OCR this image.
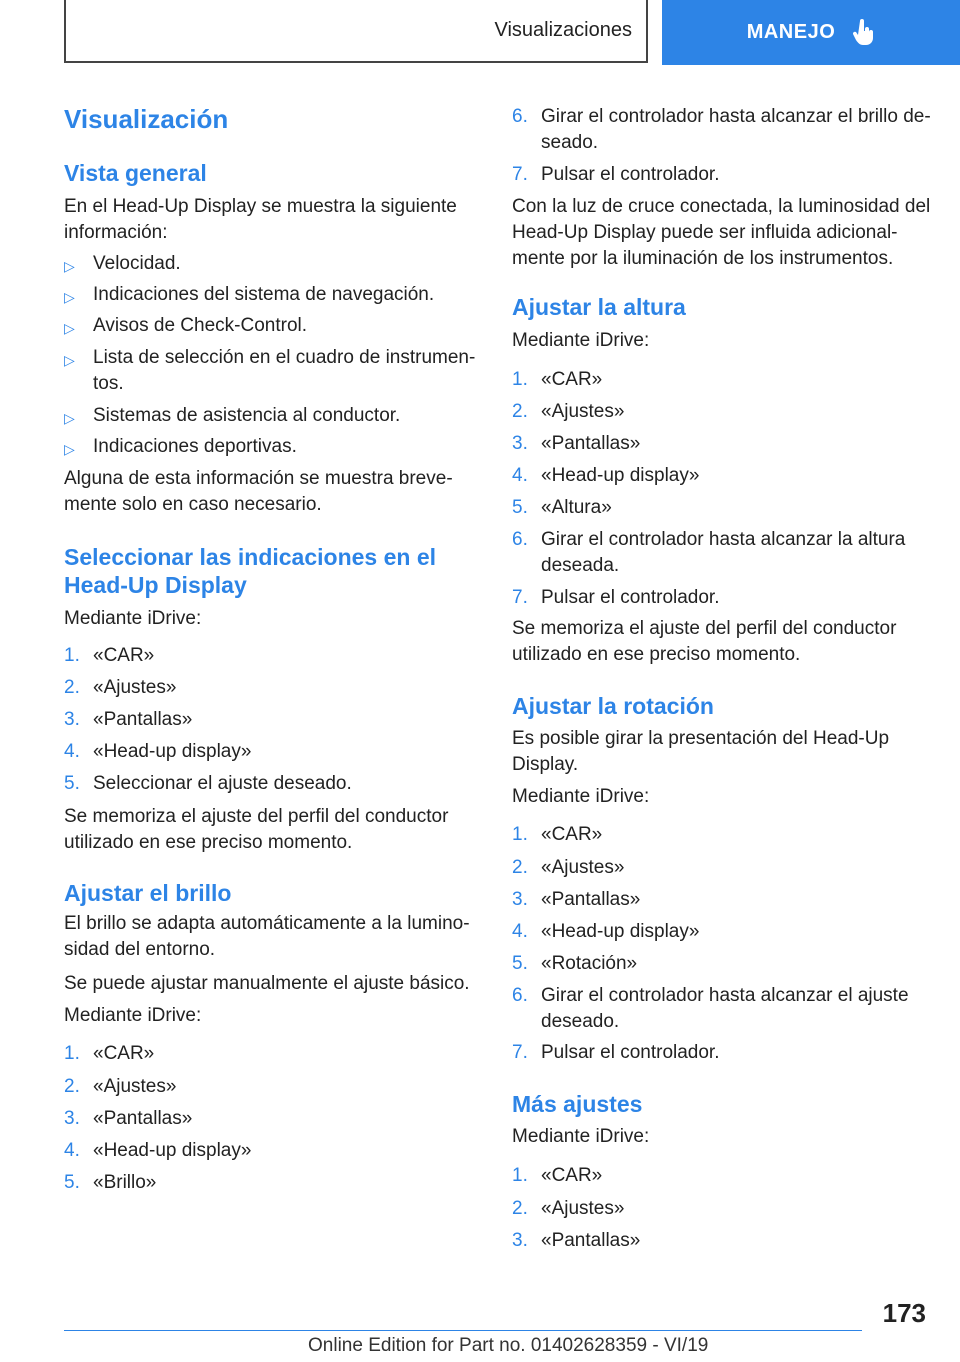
Visualizaciones	MANEJO
Visualización
Vista general

En el Head-Up Display se muestra la siguiente información:

▷ Velocidad.
▷ Indicaciones del sistema de navegación.
▷ Avisos de Check-Control.
▷ Lista de selección en el cuadro de instrumen‐ tos.
▷ Sistemas de asistencia al conductor.
▷ Indicaciones deportivas.

Alguna de esta información se muestra breve‐ mente solo en caso necesario.

Seleccionar las indicaciones en el Head-Up Display

Mediante iDrive:

1. «CAR»
2. «Ajustes»
3. «Pantallas»
4. «Head-up display»
5. Seleccionar el ajuste deseado.

Se memoriza el ajuste del perfil del conductor utilizado en ese preciso momento.

Ajustar el brillo

El brillo se adapta automáticamente a la lumino‐ sidad del entorno.

Se puede ajustar manualmente el ajuste básico.

Mediante iDrive:

1. «CAR»
2. «Ajustes»
3. «Pantallas»
4. «Head-up display»
5. «Brillo»
6. Girar el controlador hasta alcanzar el brillo de‐ seado.
7. Pulsar el controlador.

Con la luz de cruce conectada, la luminosidad del Head-Up Display puede ser influida adicional‐ mente por la iluminación de los instrumentos.

Ajustar la altura

Mediante iDrive:

1. «CAR»
2. «Ajustes»
3. «Pantallas»
4. «Head-up display»
5. «Altura»
6. Girar el controlador hasta alcanzar la altura deseada.
7. Pulsar el controlador.

Se memoriza el ajuste del perfil del conductor utilizado en ese preciso momento.

Ajustar la rotación

Es posible girar la presentación del Head-Up Display.

Mediante iDrive:

1. «CAR»
2. «Ajustes»
3. «Pantallas»
4. «Head-up display»
5. «Rotación»
6. Girar el controlador hasta alcanzar el ajuste deseado.
7. Pulsar el controlador.
Más ajustes

Mediante iDrive:

1. «CAR»
2. «Ajustes»
3. «Pantallas»
173
Online Edition for Part no. 01402628359 - VI/19
